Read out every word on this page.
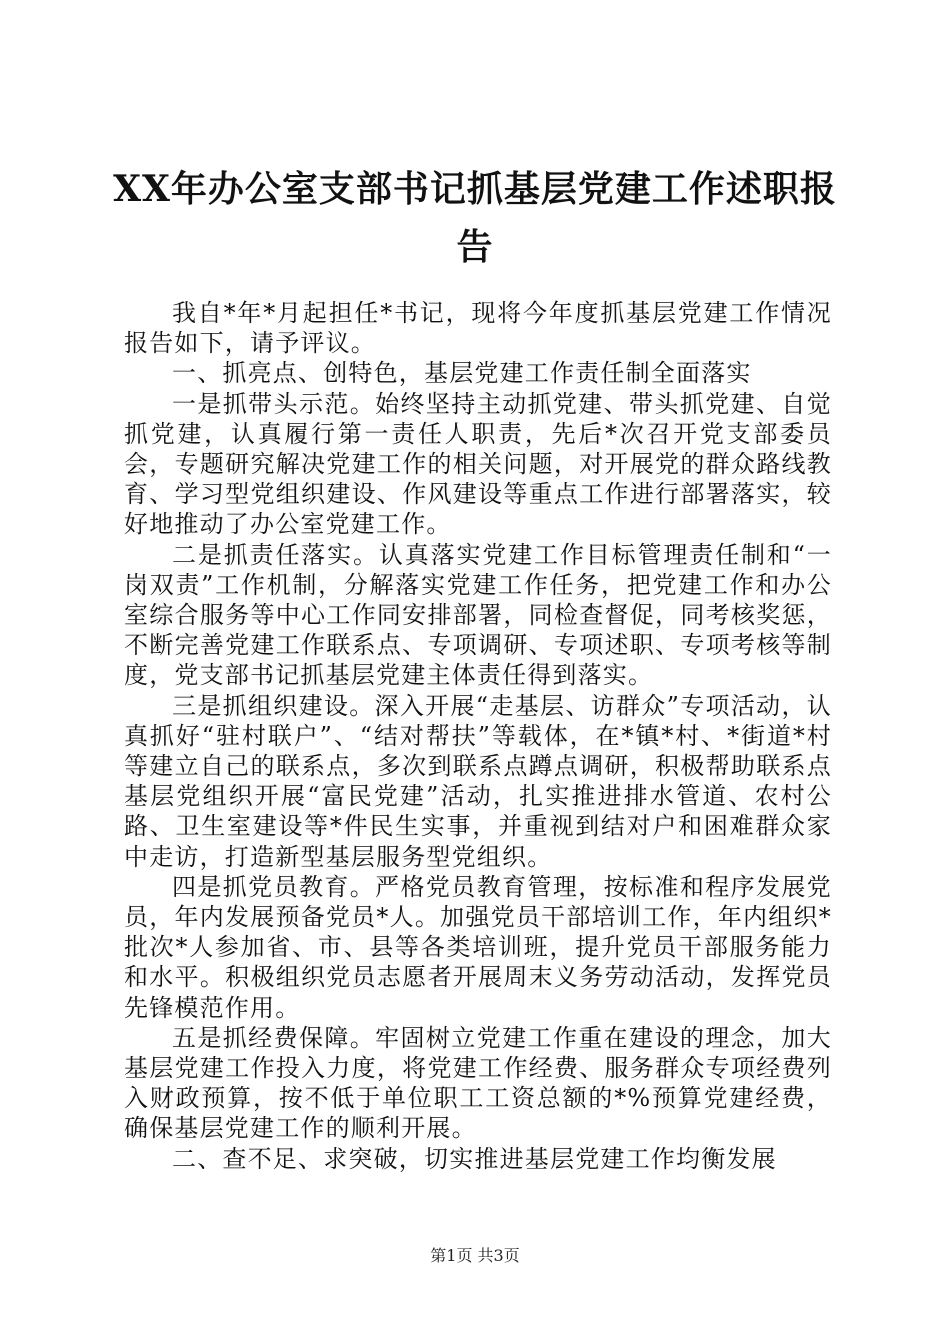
XX年办公室支部书记抓基层党建工作述职报告

我自*年*月起担任*书记，现将今年度抓基层党建工作情况报告如下，请予评议。

一、抓亮点、创特色，基层党建工作责任制全面落实

一是抓带头示范。始终坚持主动抓党建、带头抓党建、自觉抓党建，认真履行第一责任人职责，先后*次召开党支部委员会，专题研究解决党建工作的相关问题，对开展党的群众路线教育、学习型党组织建设、作风建设等重点工作进行部署落实，较好地推动了办公室党建工作。

二是抓责任落实。认真落实党建工作目标管理责任制和“一岗双责”工作机制，分解落实党建工作任务，把党建工作和办公室综合服务等中心工作同安排部署，同检查督促，同考核奖惩，不断完善党建工作联系点、专项调研、专项述职、专项考核等制度，党支部书记抓基层党建主体责任得到落实。

三是抓组织建设。深入开展“走基层、访群众”专项活动，认真抓好“驻村联户”、“结对帮扶”等载体，在*镇*村、*街道*村等建立自己的联系点，多次到联系点蹲点调研，积极帮助联系点基层党组织开展“富民党建”活动，扎实推进排水管道、农村公路、卫生室建设等*件民生实事，并重视到结对户和困难群众家中走访，打造新型基层服务型党组织。

四是抓党员教育。严格党员教育管理，按标准和程序发展党员，年内发展预备党员*人。加强党员干部培训工作，年内组织*批次*人参加省、市、县等各类培训班，提升党员干部服务能力和水平。积极组织党员志愿者开展周末义务劳动活动，发挥党员先锋模范作用。

五是抓经费保障。牢固树立党建工作重在建设的理念，加大基层党建工作投入力度，将党建工作经费、服务群众专项经费列入财政预算，按不低于单位职工工资总额的*%预算党建经费，确保基层党建工作的顺利开展。

二、查不足、求突破，切实推进基层党建工作均衡发展

第1页 共3页
